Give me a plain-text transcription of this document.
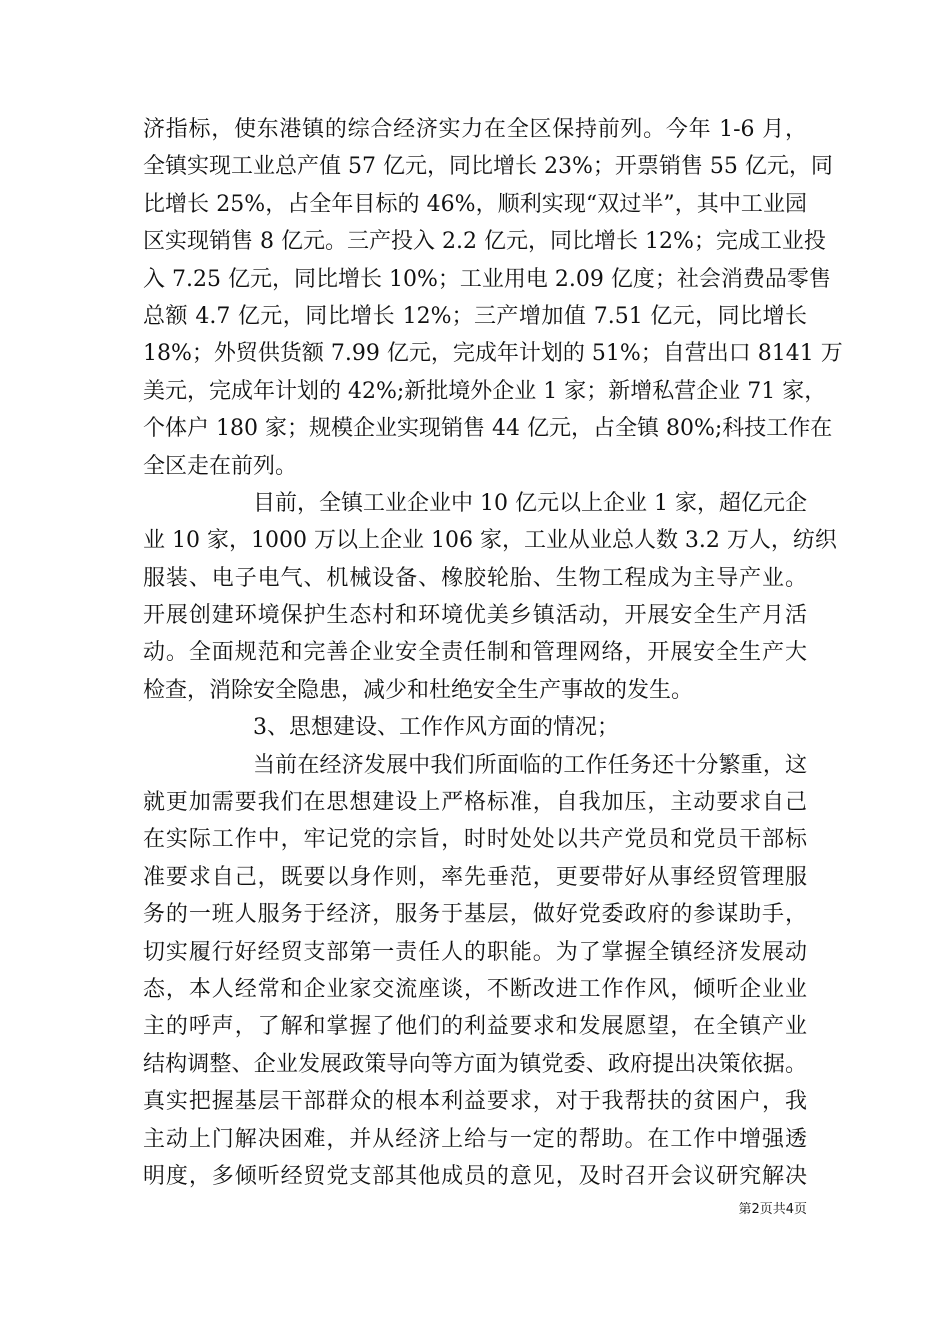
济指标，使东港镇的综合经济实力在全区保持前列。今年 1-6 月，
全镇实现工业总产值 57 亿元，同比增长 23%；开票销售 55 亿元，同
比增长 25%，占全年目标的 46%，顺利实现“双过半”，其中工业园
区实现销售 8 亿元。三产投入 2.2 亿元，同比增长 12%；完成工业投
入 7.25 亿元，同比增长 10%；工业用电 2.09 亿度；社会消费品零售
总额 4.7 亿元，同比增长 12%；三产增加值 7.51 亿元，同比增长
18%；外贸供货额 7.99 亿元，完成年计划的 51%；自营出口 8141 万
美元，完成年计划的 42%;新批境外企业 1 家；新增私营企业 71 家，
个体户 180 家；规模企业实现销售 44 亿元，占全镇 80%;科技工作在
全区走在前列。
目前，全镇工业企业中 10 亿元以上企业 1 家，超亿元企
业 10 家，1000 万以上企业 106 家，工业从业总人数 3.2 万人，纺织
服装、电子电气、机械设备、橡胶轮胎、生物工程成为主导产业。
开展创建环境保护生态村和环境优美乡镇活动，开展安全生产月活
动。全面规范和完善企业安全责任制和管理网络，开展安全生产大
检查，消除安全隐患，减少和杜绝安全生产事故的发生。
3、思想建设、工作作风方面的情况；
当前在经济发展中我们所面临的工作任务还十分繁重，这
就更加需要我们在思想建设上严格标准，自我加压，主动要求自己
在实际工作中，牢记党的宗旨，时时处处以共产党员和党员干部标
准要求自己，既要以身作则，率先垂范，更要带好从事经贸管理服
务的一班人服务于经济，服务于基层，做好党委政府的参谋助手，
切实履行好经贸支部第一责任人的职能。为了掌握全镇经济发展动
态，本人经常和企业家交流座谈，不断改进工作作风，倾听企业业
主的呼声，了解和掌握了他们的利益要求和发展愿望，在全镇产业
结构调整、企业发展政策导向等方面为镇党委、政府提出决策依据。
真实把握基层干部群众的根本利益要求，对于我帮扶的贫困户，我
主动上门解决困难，并从经济上给与一定的帮助。在工作中增强透
明度，多倾听经贸党支部其他成员的意见，及时召开会议研究解决
第2页共4页
